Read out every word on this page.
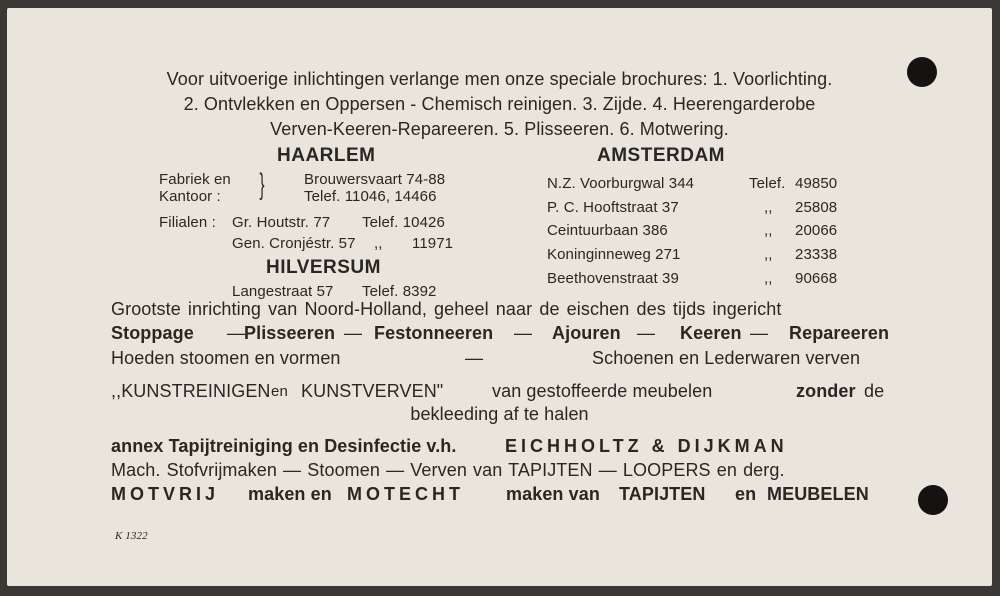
Voor uitvoerige inlichtingen verlange men onze speciale brochures: 1. Voorlichting.
2. Ontvlekken en Oppersen - Chemisch reinigen. 3. Zijde. 4. Heerengarderobe
Verven-Keeren-Repareeren. 5. Plisseeren. 6. Motwering.
HAARLEM
Fabriek en
Kantoor : }	Brouwersvaart 74-88
Telef. 11046, 14466
Filialen : Gr. Houtstr. 77 Telef. 10426
Gen. Cronjéstr. 57 ,, 11971
HILVERSUM
Langestraat 57 Telef. 8392
AMSTERDAM
N.Z. Voorburgwal 344	Telef. 49850
P. C. Hooftstraat 37	,, 25808
Ceintuurbaan 386	,, 20066
Koninginneweg 271	,, 23338
Beethovenstraat 39	,, 90668
Grootste inrichting van Noord-Holland, geheel naar de eischen des tijds ingericht
Stoppage —
Plisseeren — Festonneeren — Ajouren — Keeren — Repareeren
Hoeden stoomen en vormen	—	Schoenen en Lederwaren verven
,,KUNSTREINIGEN en KUNSTVERVEN"	van gestoffeerde meubelen	zonder de
bekleeding af te halen
annex Tapijtreiniging en Desinfectie v.h.	EICHHOLTZ & DIJKMAN
Mach. Stofvrijmaken — Stoomen — Verven van TAPIJTEN — LOOPERS en derg.
MOTVRIJ maken en MOTECHT maken van TAPIJTEN en MEUBELEN
K 1322
